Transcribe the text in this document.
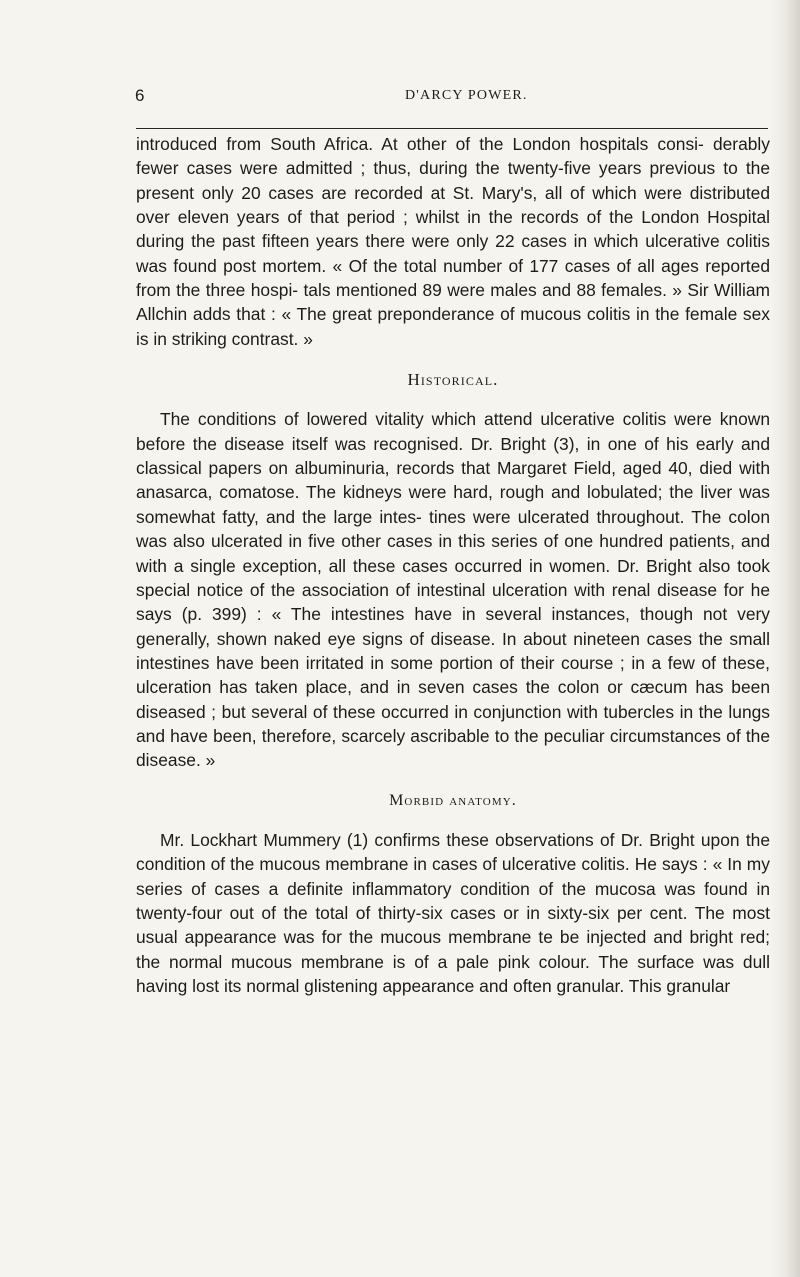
6	D'ARCY POWER.

introduced from South Africa. At other of the London hospitals consi- derably fewer cases were admitted ; thus, during the twenty-five years previous to the present only 20 cases are recorded at St. Mary's, all of which were distributed over eleven years of that period ; whilst in the records of the London Hospital during the past fifteen years there were only 22 cases in which ulcerative colitis was found post mortem. « Of the total number of 177 cases of all ages reported from the three hospi- tals mentioned 89 were males and 88 females. » Sir William Allchin adds that : « The great preponderance of mucous colitis in the female sex is in striking contrast. »

Historical.

The conditions of lowered vitality which attend ulcerative colitis were known before the disease itself was recognised. Dr. Bright (3), in one of his early and classical papers on albuminuria, records that Margaret Field, aged 40, died with anasarca, comatose. The kidneys were hard, rough and lobulated; the liver was somewhat fatty, and the large intes- tines were ulcerated throughout. The colon was also ulcerated in five other cases in this series of one hundred patients, and with a single exception, all these cases occurred in women. Dr. Bright also took special notice of the association of intestinal ulceration with renal disease for he says (p. 399) : « The intestines have in several instances, though not very generally, shown naked eye signs of disease. In about nineteen cases the small intestines have been irritated in some portion of their course ; in a few of these, ulceration has taken place, and in seven cases the colon or cæcum has been diseased ; but several of these occurred in conjunction with tubercles in the lungs and have been, therefore, scarcely ascribable to the peculiar circumstances of the disease. »

Morbid anatomy.

Mr. Lockhart Mummery (1) confirms these observations of Dr. Bright upon the condition of the mucous membrane in cases of ulcerative colitis. He says : « In my series of cases a definite inflammatory condition of the mucosa was found in twenty-four out of the total of thirty-six cases or in sixty-six per cent. The most usual appearance was for the mucous membrane te be injected and bright red; the normal mucous membrane is of a pale pink colour. The surface was dull having lost its normal glistening appearance and often granular. This granular
